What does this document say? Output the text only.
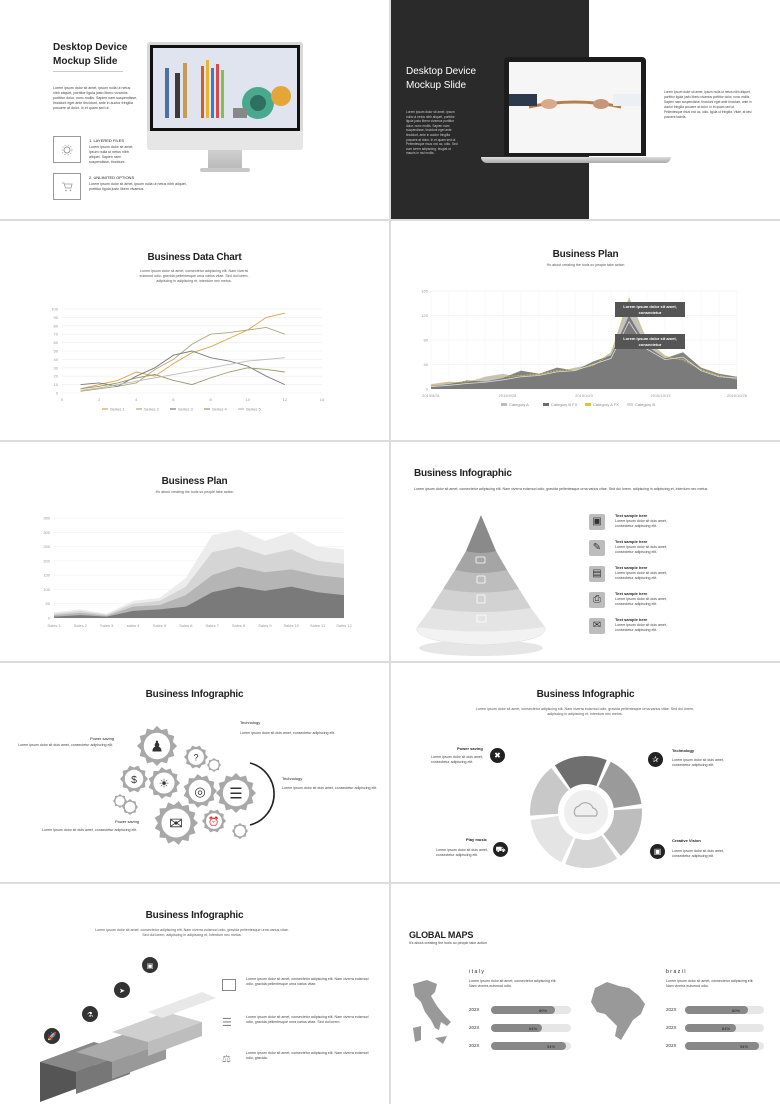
Desktop Device
Mockup Slide
Lorem ipsum dolor sit amet, ipsum nulla ut netus nibh aliquet, porttitor ligula justo libero vivamus porttitor dolor, nunc mollis. Sapien nam suspendisse, tincidunt eget ante tincidunt, ante in auctor fringilla posuere at dolor. In et quam sed ut.
1. LAYERED FILES
Lorem ipsum dolor sit amet, ipsum nulla ut netus nibh aliquet. Sapien nam suspendisse, tincidunt.
2. UNLIMITED OPTIONS
Lorem ipsum dolor sit amet, ipsum nulla ut netus nibh aliquet, porttitor ligula justo libero vivamus.
Desktop Device
Mockup Slide
Lorem ipsum dolor sit amet, ipsum nulla ut netus nibh aliquet, porttitor ligula justo libero vivamus porttitor dolor, nunc mollis. Sapien nam suspendisse, tincidunt eget ante tincidunt, ante in auctor fringilla posuere at dolor. In et quam sed ut. Pellentesque risus orci ac, odio. Sed cum lorem adipiscing, feugiat ut mauris in nisl mollis.
Lorem ipsum dolor sit amet, ipsum nulla ut netus nibh aliquet, porttitor ligula justo libero vivamus porttitor dolor, nunc mollis. Sapien nam suspendisse, tincidunt eget ante tincidunt, ante in auctor fringilla posuere at dolor. In et quam sed ut. Pellentesque risus orci ac, odio, ligula ut fringilla. Vitae, at wisi posuere lacinia.
Business Data Chart
Lorem ipsum dolor sit amet, consectetur adipiscing elit. Nam viverra euismod odio, gravida pellentesque urna varius vitae. Sed dui lorem, adipiscing in adipiscing et, interdum nec metus.
0
10
20
30
40
50
60
70
80
90
100
0	2	4	6	8	10	12	14
Series 1	Series 2	Series 3	Series 4	Series 5
Business Plan
It's about creating the tools so people take action
0
40
80
120
160
2015/8/31	2015/9/28	2015/10/3	2015/10/13	2015/10/28
Category A	Category B FX	Category A FX	Category B
Lorem ipsum dolor sit amet, consectetur
Lorem ipsum dolor sit amet, consectetur
Business Plan
It's about creating the tools so people take action
0
50
100
150
200
250
300
350
Sales 1	Sales 2	Sales 3	sales 4	Sales 5	Sales 6	Sales 7	Sales 8	Sales 9	Sales 10	Sales 11	Sales 12
Business Infographic
Lorem ipsum dolor sit amet, consectetur adipiscing elit. Nam viverra euismod odio, gravida pellentesque urna varius vitae. Sed dui lorem, adipiscing in adipiscing et, interdum nec metus.
▣
Text sample here
Lorem ipsum dolor sit duis amet, consectetur adipiscing elit.
✎
Text sample here
Lorem ipsum dolor sit duis amet, consectetur adipiscing elit.
▤
Text sample here
Lorem ipsum dolor sit duis amet, consectetur adipiscing elit.
⎙
Text sample here
Lorem ipsum dolor sit duis amet, consectetur adipiscing elit.
✉
Text sample here
Lorem ipsum dolor sit duis amet, consectetur adipiscing elit.
Business Infographic
Power saving
Lorem ipsum dolor sit duis amet, consectetur adipiscing elit.
Technology
Lorem ipsum dolor sit duis amet, consectetur adipiscing elit.
Technology
Lorem ipsum dolor sit duis amet, consectetur adipiscing elit.
Power saving
Lorem ipsum dolor sit duis amet, consectetur adipiscing elit.
♟
?
$ ☀
◎ ☰
✉	⏰
Business Infographic
Lorem ipsum dolor sit amet, consectetur adipiscing elit. Nam viverra euismod odio, gravida pellentesque urna varius vitae. Sed dui lorem, adipiscing in adipiscing et, interdum nec metus.
Power saving
Lorem ipsum dolor sit duis amet, consectetur adipiscing elit.
✖
Technology
Lorem ipsum dolor sit duis amet, consectetur adipiscing elit.
✰
Play music
Lorem ipsum dolor sit duis amet, consectetur adipiscing elit.
⛟
Creative Vision
Lorem ipsum dolor sit duis amet, consectetur adipiscing elit.
▣
Business Infographic
Lorem ipsum dolor sit amet, consectetur adipiscing elit. Nam viverra euismod odio, gravida pellentesque urna varius vitae. Sed dui lorem, adipiscing in adipiscing et, interdum nec metus.
🚀
⚗
➤
▣
Lorem ipsum dolor sit amet, consectetur adipiscing elit. Nam viverra euismod odio, gravida pellentesque urna varius vitae.
☰	Lorem ipsum dolor sit amet, consectetur adipiscing elit. Nam viverra euismod odio, gravida pellentesque urna varius vitae. Sed dui lorem.
⚖
Lorem ipsum dolor sit amet, consectetur adipiscing elit. Nam viverra euismod odio, gravida.
GLOBAL MAPS
It's about creating the tools so people take action
italy
Lorem ipsum dolor sit amet, consectetur adipiscing elit. Nam viverra euismod odio.
202X	80%
202X	64%
202X	94%
brazil
Lorem ipsum dolor sit amet, consectetur adipiscing elit. Nam viverra euismod odio.
202X	80%
202X	64%
202X	94%
